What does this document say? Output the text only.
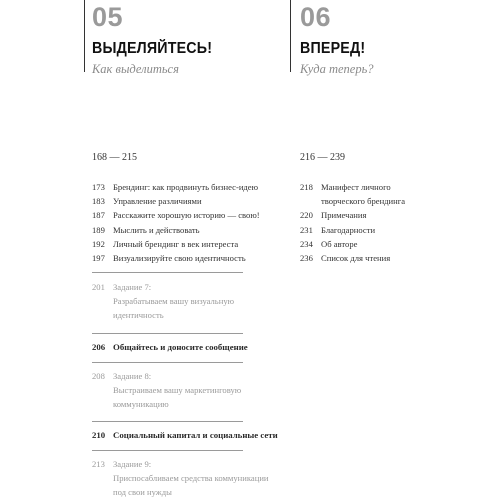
05
ВЫДЕЛЯЙТЕСЬ!
Как выделиться
06
ВПЕРЕД!
Куда теперь?
168 — 215	216 — 239
173 Брендинг: как продвинуть бизнес-идею
183 Управление различиями
187 Расскажите хорошую историю — свою!
189 Мыслить и действовать
192 Личный брендинг в век интереста
197 Визуализируйте свою идентичность
201 Задание 7:
Разрабатываем вашу визуальную
идентичность
206 Общайтесь и доносите сообщение
208 Задание 8:
Выстраиваем вашу маркетинговую
коммуникацию
210 Социальный капитал и социальные сети
213 Задание 9:
Приспосабливаем средства коммуникации
под свои нужды
218 Манифест личного
творческого брендинга
220 Примечания
231 Благодарности
234 Об авторе
236 Список для чтения
